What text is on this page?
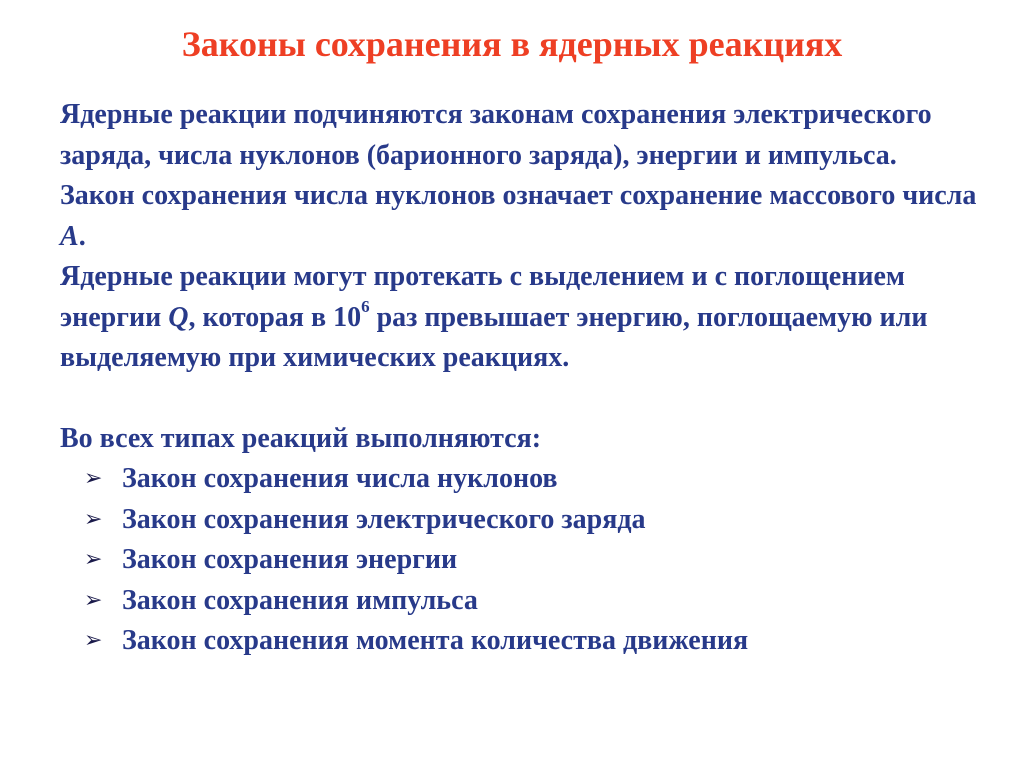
Законы сохранения в ядерных реакциях

Ядерные реакции подчиняются законам сохранения электрического заряда, числа нуклонов (барионного заряда), энергии и импульса.

Закон сохранения числа нуклонов означает сохранение массового числа A.

Ядерные реакции могут протекать с выделением и с поглощением энергии Q, которая в $10^6$ раз превышает энергию, поглощаемую или выделяемую при химических реакциях.

Во всех типах реакций выполняются:

➢ Закон сохранения числа нуклонов
➢ Закон сохранения электрического заряда
➢ Закон сохранения энергии
➢ Закон сохранения импульса
➢ Закон сохранения момента количества движения
